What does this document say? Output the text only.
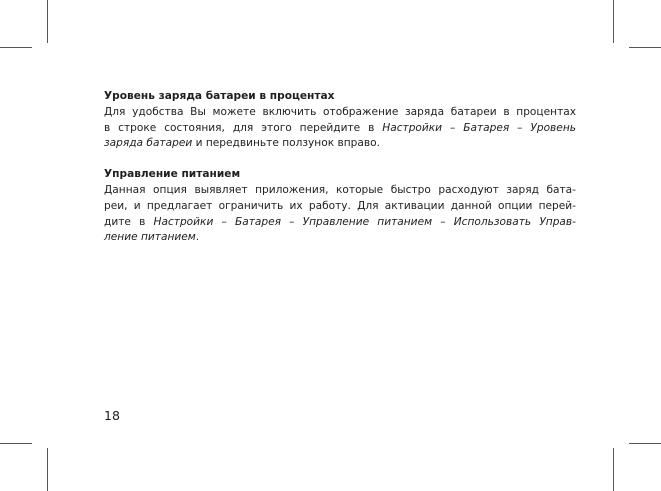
Уровень заряда батареи в процентах

Для удобства Вы можете включить отображение заряда батареи в процентах
в строке состояния, для этого перейдите в Настройки – Батарея – Уровень
заряда батареи и передвиньте ползунок вправо.

Управление питанием

Данная опция выявляет приложения, которые быстро расходуют заряд бата-
реи, и предлагает ограничить их работу. Для активации данной опции перей-
дите в Настройки – Батарея – Управление питанием – Использовать Управ-
ление питанием.

18
